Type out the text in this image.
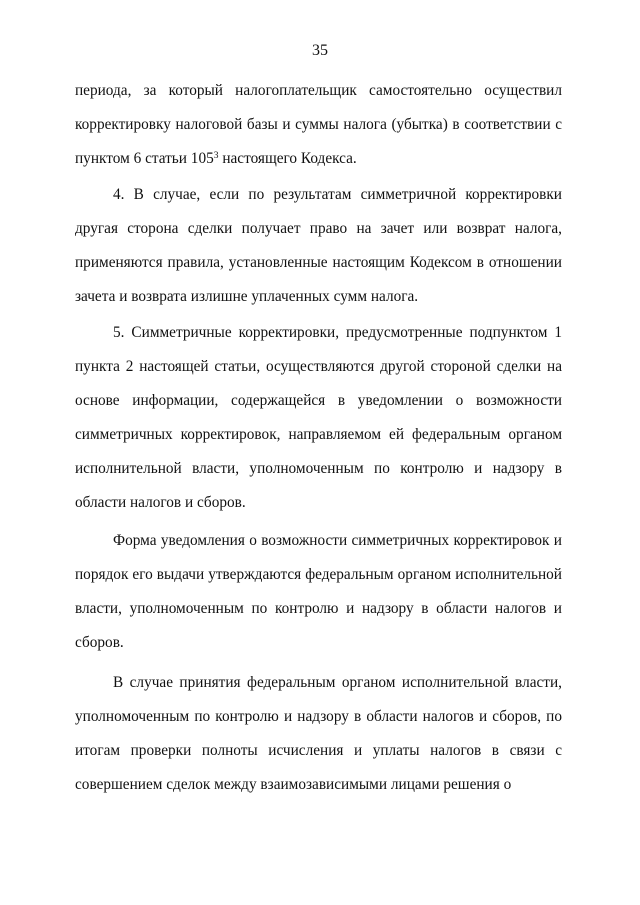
35

периода, за который налогоплательщик самостоятельно осуществил корректировку налоговой базы и суммы налога (убытка) в соответствии с пунктом 6 статьи $105^3$ настоящего Кодекса.

4. В случае, если по результатам симметричной корректировки другая сторона сделки получает право на зачет или возврат налога, применяются правила, установленные настоящим Кодексом в отношении зачета и возврата излишне уплаченных сумм налога.

5. Симметричные корректировки, предусмотренные подпунктом 1 пункта 2 настоящей статьи, осуществляются другой стороной сделки на основе информации, содержащейся в уведомлении о возможности симметричных корректировок, направляемом ей федеральным органом исполнительной власти, уполномоченным по контролю и надзору в области налогов и сборов.

Форма уведомления о возможности симметричных корректировок и порядок его выдачи утверждаются федеральным органом исполнительной власти, уполномоченным по контролю и надзору в области налогов и сборов.

В случае принятия федеральным органом исполнительной власти, уполномоченным по контролю и надзору в области налогов и сборов, по итогам проверки полноты исчисления и уплаты налогов в связи с совершением сделок между взаимозависимыми лицами решения о
